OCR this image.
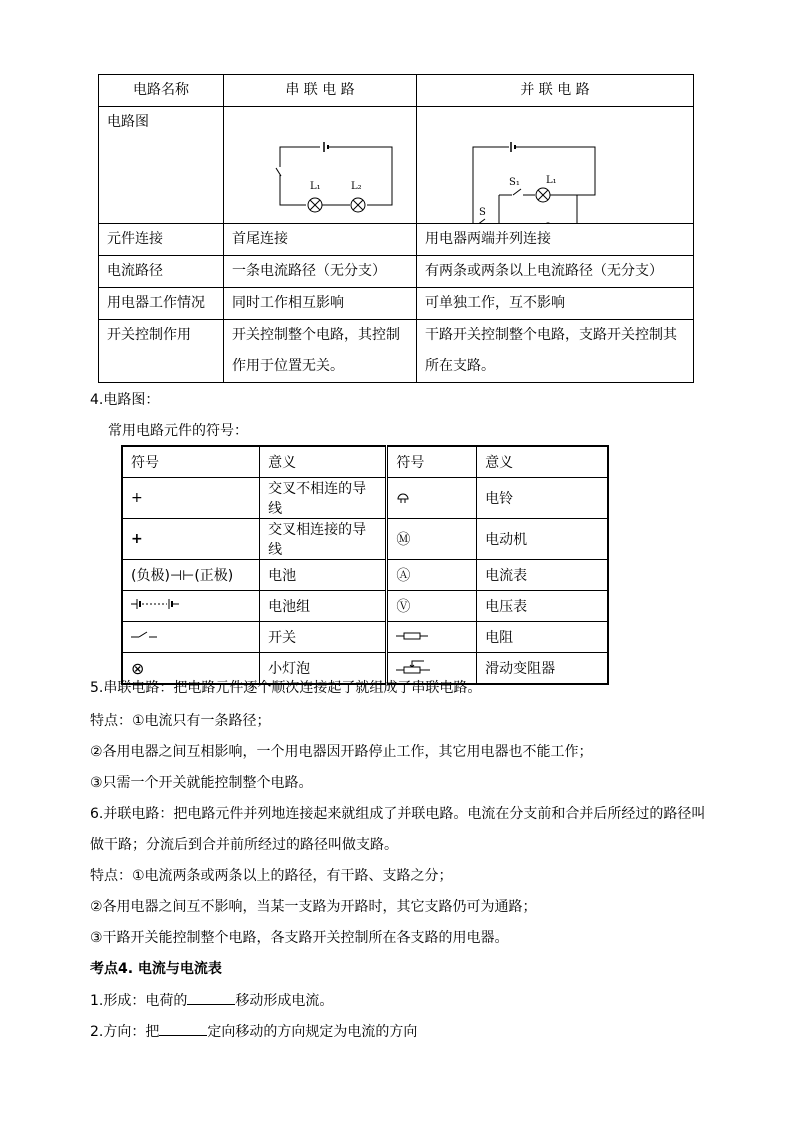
电路名称	串 联 电 路	并 联 电 路
电路图	L₁ L₂	S
S₁ L₁

元件连接	首尾连接	用电器两端并列连接
电流路径	一条电流路径（无分支）	有两条或两条以上电流路径（无分支）
用电器工作情况	同时工作相互影响	可单独工作，互不影响
开关控制作用	开关控制整个电路，其控制作用于位置无关。	干路开关控制整个电路，支路开关控制其所在支路。
4.电路图：
常用电路元件的符号：
符号	意义	符号	意义
+	交叉不相连的导线		电铃
+	交叉相连接的导线	Ⓜ	电动机
(负极)⊣⊢(正极)	电池	Ⓐ	电流表
	电池组	Ⓥ	电压表
	开关		电阻
⊗	小灯泡		滑动变阻器
5.串联电路：把电路元件逐个顺次连接起了就组成了串联电路。
特点：①电流只有一条路径；
②各用电器之间互相影响，一个用电器因开路停止工作，其它用电器也不能工作；
③只需一个开关就能控制整个电路。
6.并联电路：把电路元件并列地连接起来就组成了并联电路。电流在分支前和合并后所经过的路径叫
做干路；分流后到合并前所经过的路径叫做支路。
特点：①电流两条或两条以上的路径，有干路、支路之分；
②各用电器之间互不影响，当某一支路为开路时，其它支路仍可为通路；
③干路开关能控制整个电路，各支路开关控制所在各支路的用电器。
考点4. 电流与电流表
1.形成：电荷的	移动形成电流。
2.方向：把	定向移动的方向规定为电流的方向
